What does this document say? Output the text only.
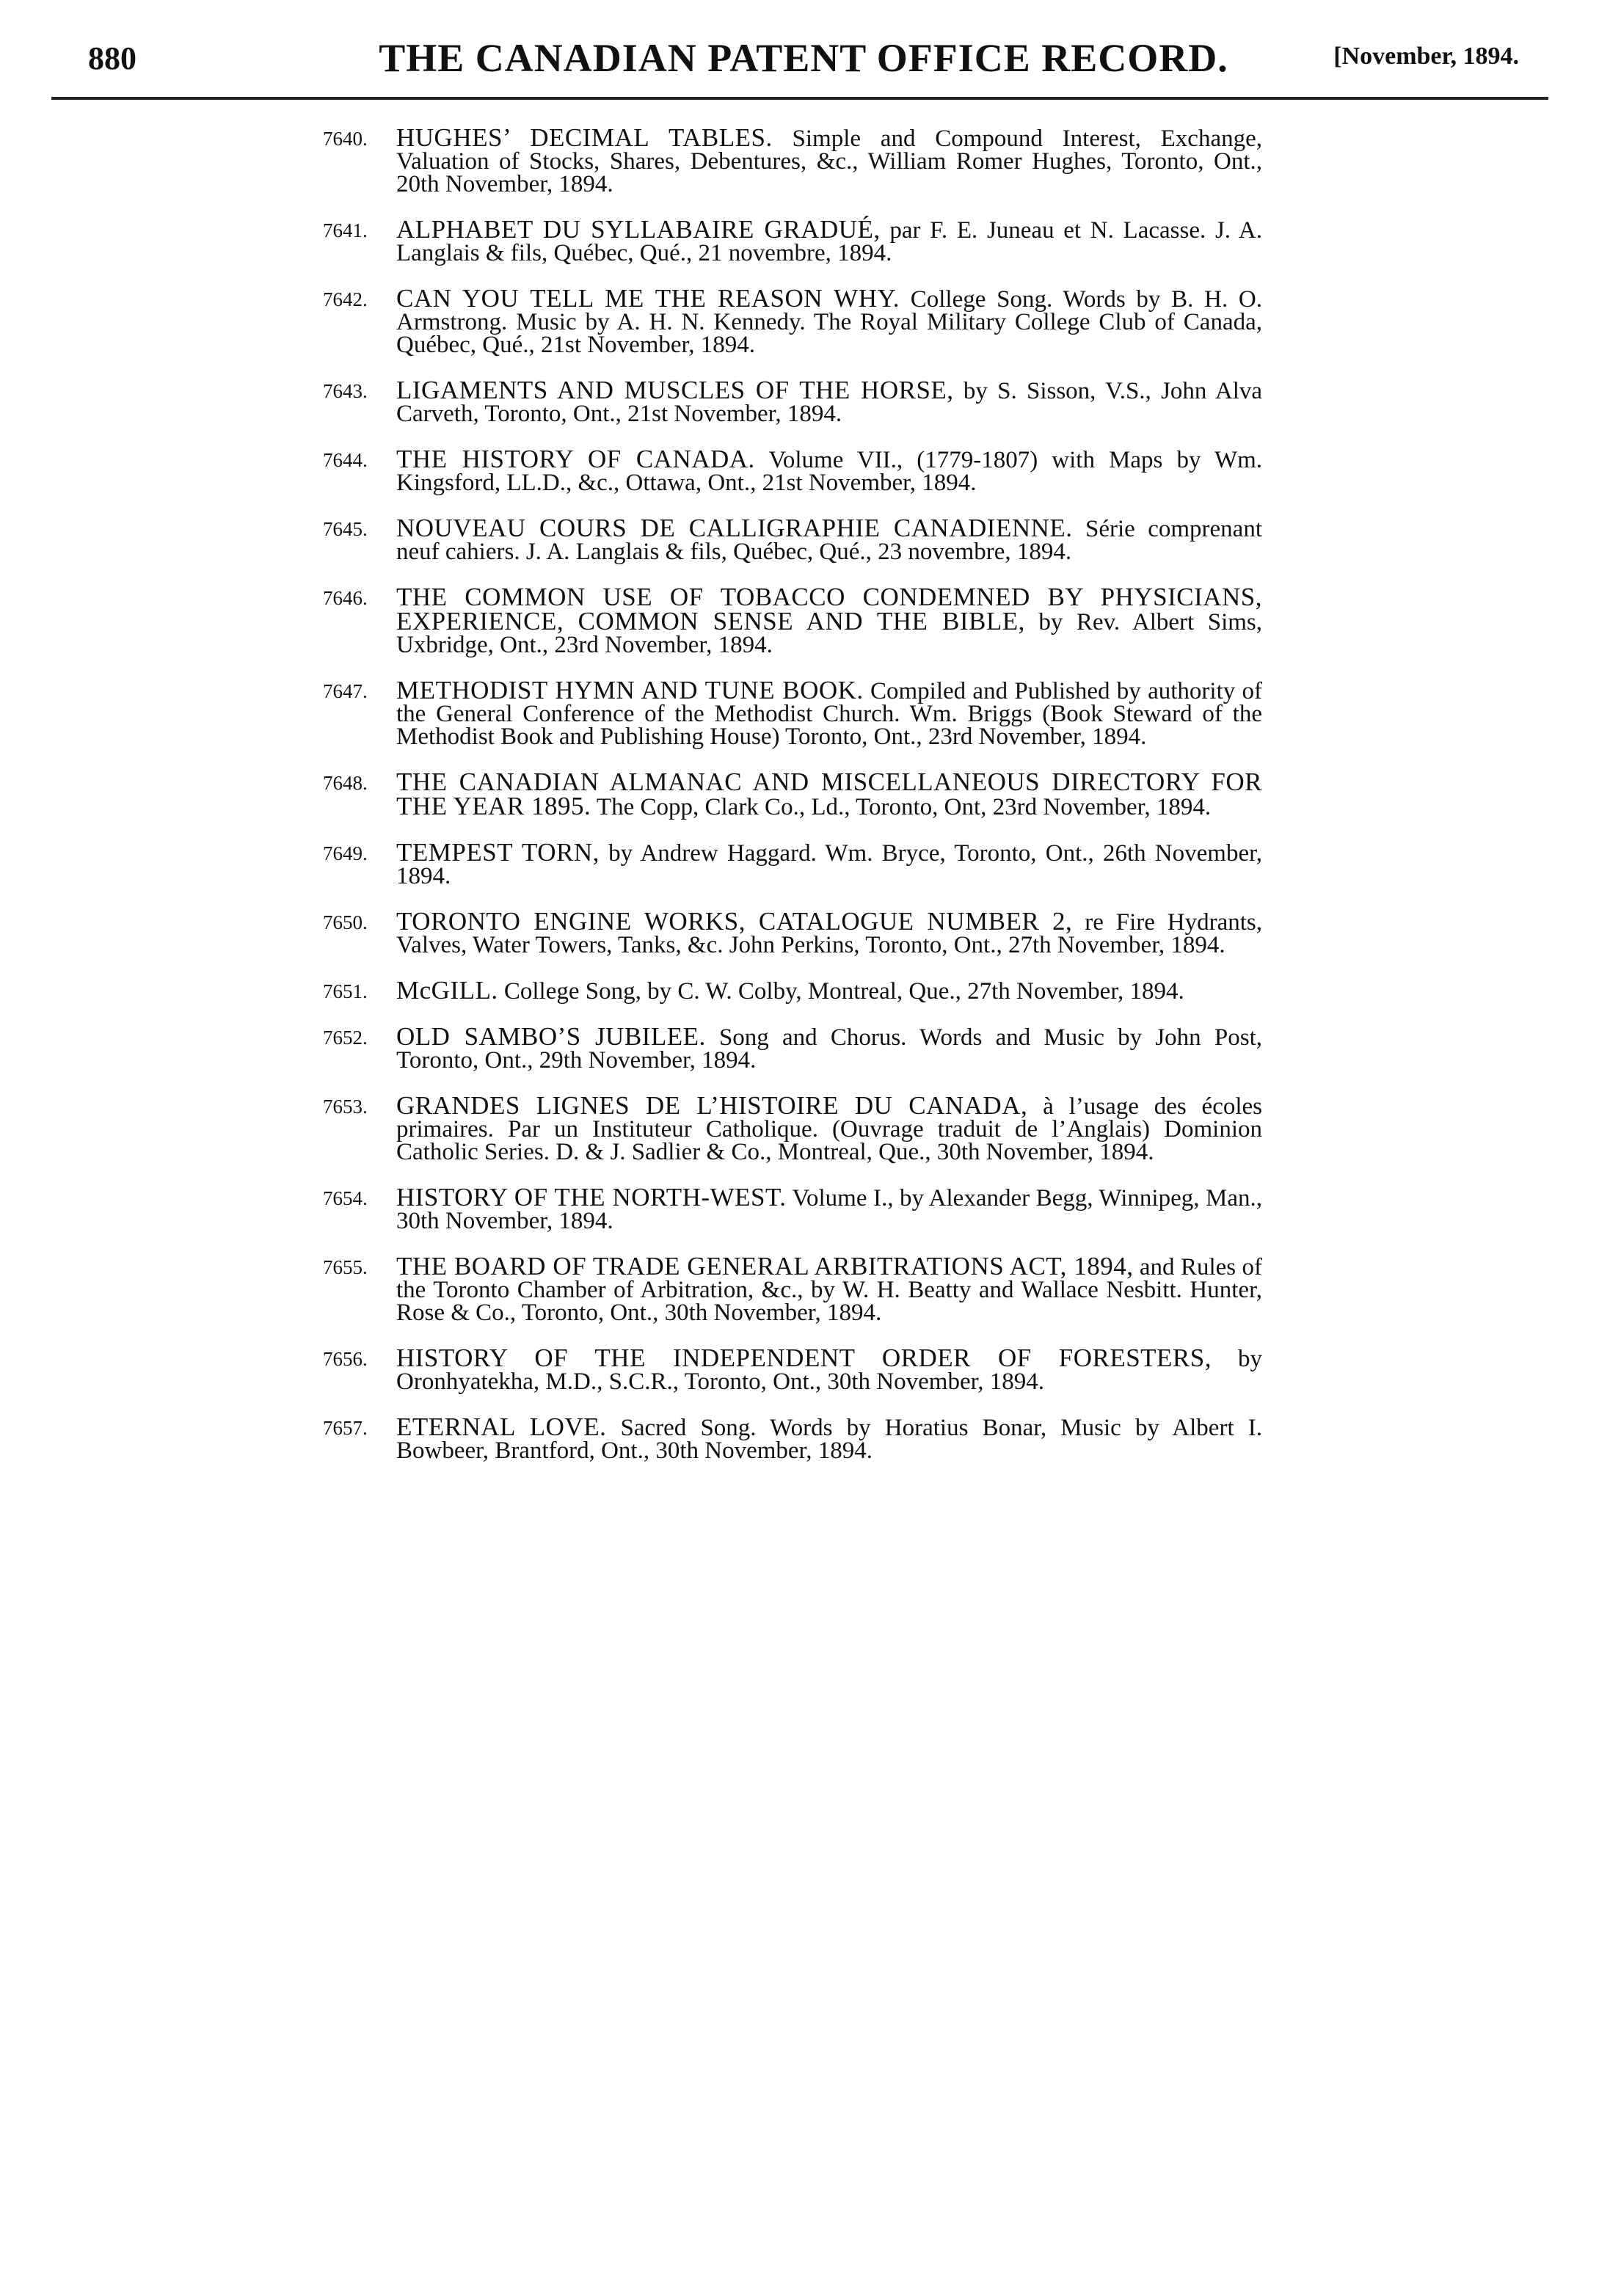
880	THE CANADIAN PATENT OFFICE RECORD.	[November, 1894.
7640. HUGHES’ DECIMAL TABLES. Simple and Compound Interest, Exchange, Valuation of Stocks, Shares, Debentures, &c., William Romer Hughes, Toronto, Ont., 20th November, 1894.
7641. ALPHABET DU SYLLABAIRE GRADUÉ, par F. E. Juneau et N. Lacasse. J. A. Langlais & fils, Québec, Qué., 21 novembre, 1894.
7642. CAN YOU TELL ME THE REASON WHY. College Song. Words by B. H. O. Armstrong. Music by A. H. N. Kennedy. The Royal Military College Club of Canada, Québec, Qué., 21st November, 1894.
7643. LIGAMENTS AND MUSCLES OF THE HORSE, by S. Sisson, V.S., John Alva Carveth, Toronto, Ont., 21st November, 1894.
7644. THE HISTORY OF CANADA. Volume VII., (1779-1807) with Maps by Wm. Kingsford, LL.D., &c., Ottawa, Ont., 21st November, 1894.
7645. NOUVEAU COURS DE CALLIGRAPHIE CANADIENNE. Série comprenant neuf cahiers. J. A. Langlais & fils, Québec, Qué., 23 novembre, 1894.
7646. THE COMMON USE OF TOBACCO CONDEMNED BY PHYSICIANS, EXPERIENCE, COMMON SENSE AND THE BIBLE, by Rev. Albert Sims, Uxbridge, Ont., 23rd November, 1894.
7647. METHODIST HYMN AND TUNE BOOK. Compiled and Published by authority of the General Conference of the Methodist Church. Wm. Briggs (Book Steward of the Methodist Book and Publishing House) Toronto, Ont., 23rd November, 1894.
7648. THE CANADIAN ALMANAC AND MISCELLANEOUS DIRECTORY FOR THE YEAR 1895. The Copp, Clark Co., Ld., Toronto, Ont, 23rd November, 1894.
7649. TEMPEST TORN, by Andrew Haggard. Wm. Bryce, Toronto, Ont., 26th November, 1894.
7650. TORONTO ENGINE WORKS, CATALOGUE NUMBER 2, re Fire Hydrants, Valves, Water Towers, Tanks, &c. John Perkins, Toronto, Ont., 27th November, 1894.
7651. McGILL. College Song, by C. W. Colby, Montreal, Que., 27th November, 1894.
7652. OLD SAMBO’S JUBILEE. Song and Chorus. Words and Music by John Post, Toronto, Ont., 29th November, 1894.
7653. GRANDES LIGNES DE L’HISTOIRE DU CANADA, à l’usage des écoles primaires. Par un Instituteur Catholique. (Ouvrage traduit de l’Anglais) Dominion Catholic Series. D. & J. Sadlier & Co., Montreal, Que., 30th November, 1894.
7654. HISTORY OF THE NORTH-WEST. Volume I., by Alexander Begg, Winnipeg, Man., 30th November, 1894.
7655. THE BOARD OF TRADE GENERAL ARBITRATIONS ACT, 1894, and Rules of the Toronto Chamber of Arbitration, &c., by W. H. Beatty and Wallace Nesbitt. Hunter, Rose & Co., Toronto, Ont., 30th November, 1894.
7656. HISTORY OF THE INDEPENDENT ORDER OF FORESTERS, by Oronhyatekha, M.D., S.C.R., Toronto, Ont., 30th November, 1894.
7657. ETERNAL LOVE. Sacred Song. Words by Horatius Bonar, Music by Albert I. Bowbeer, Brantford, Ont., 30th November, 1894.
